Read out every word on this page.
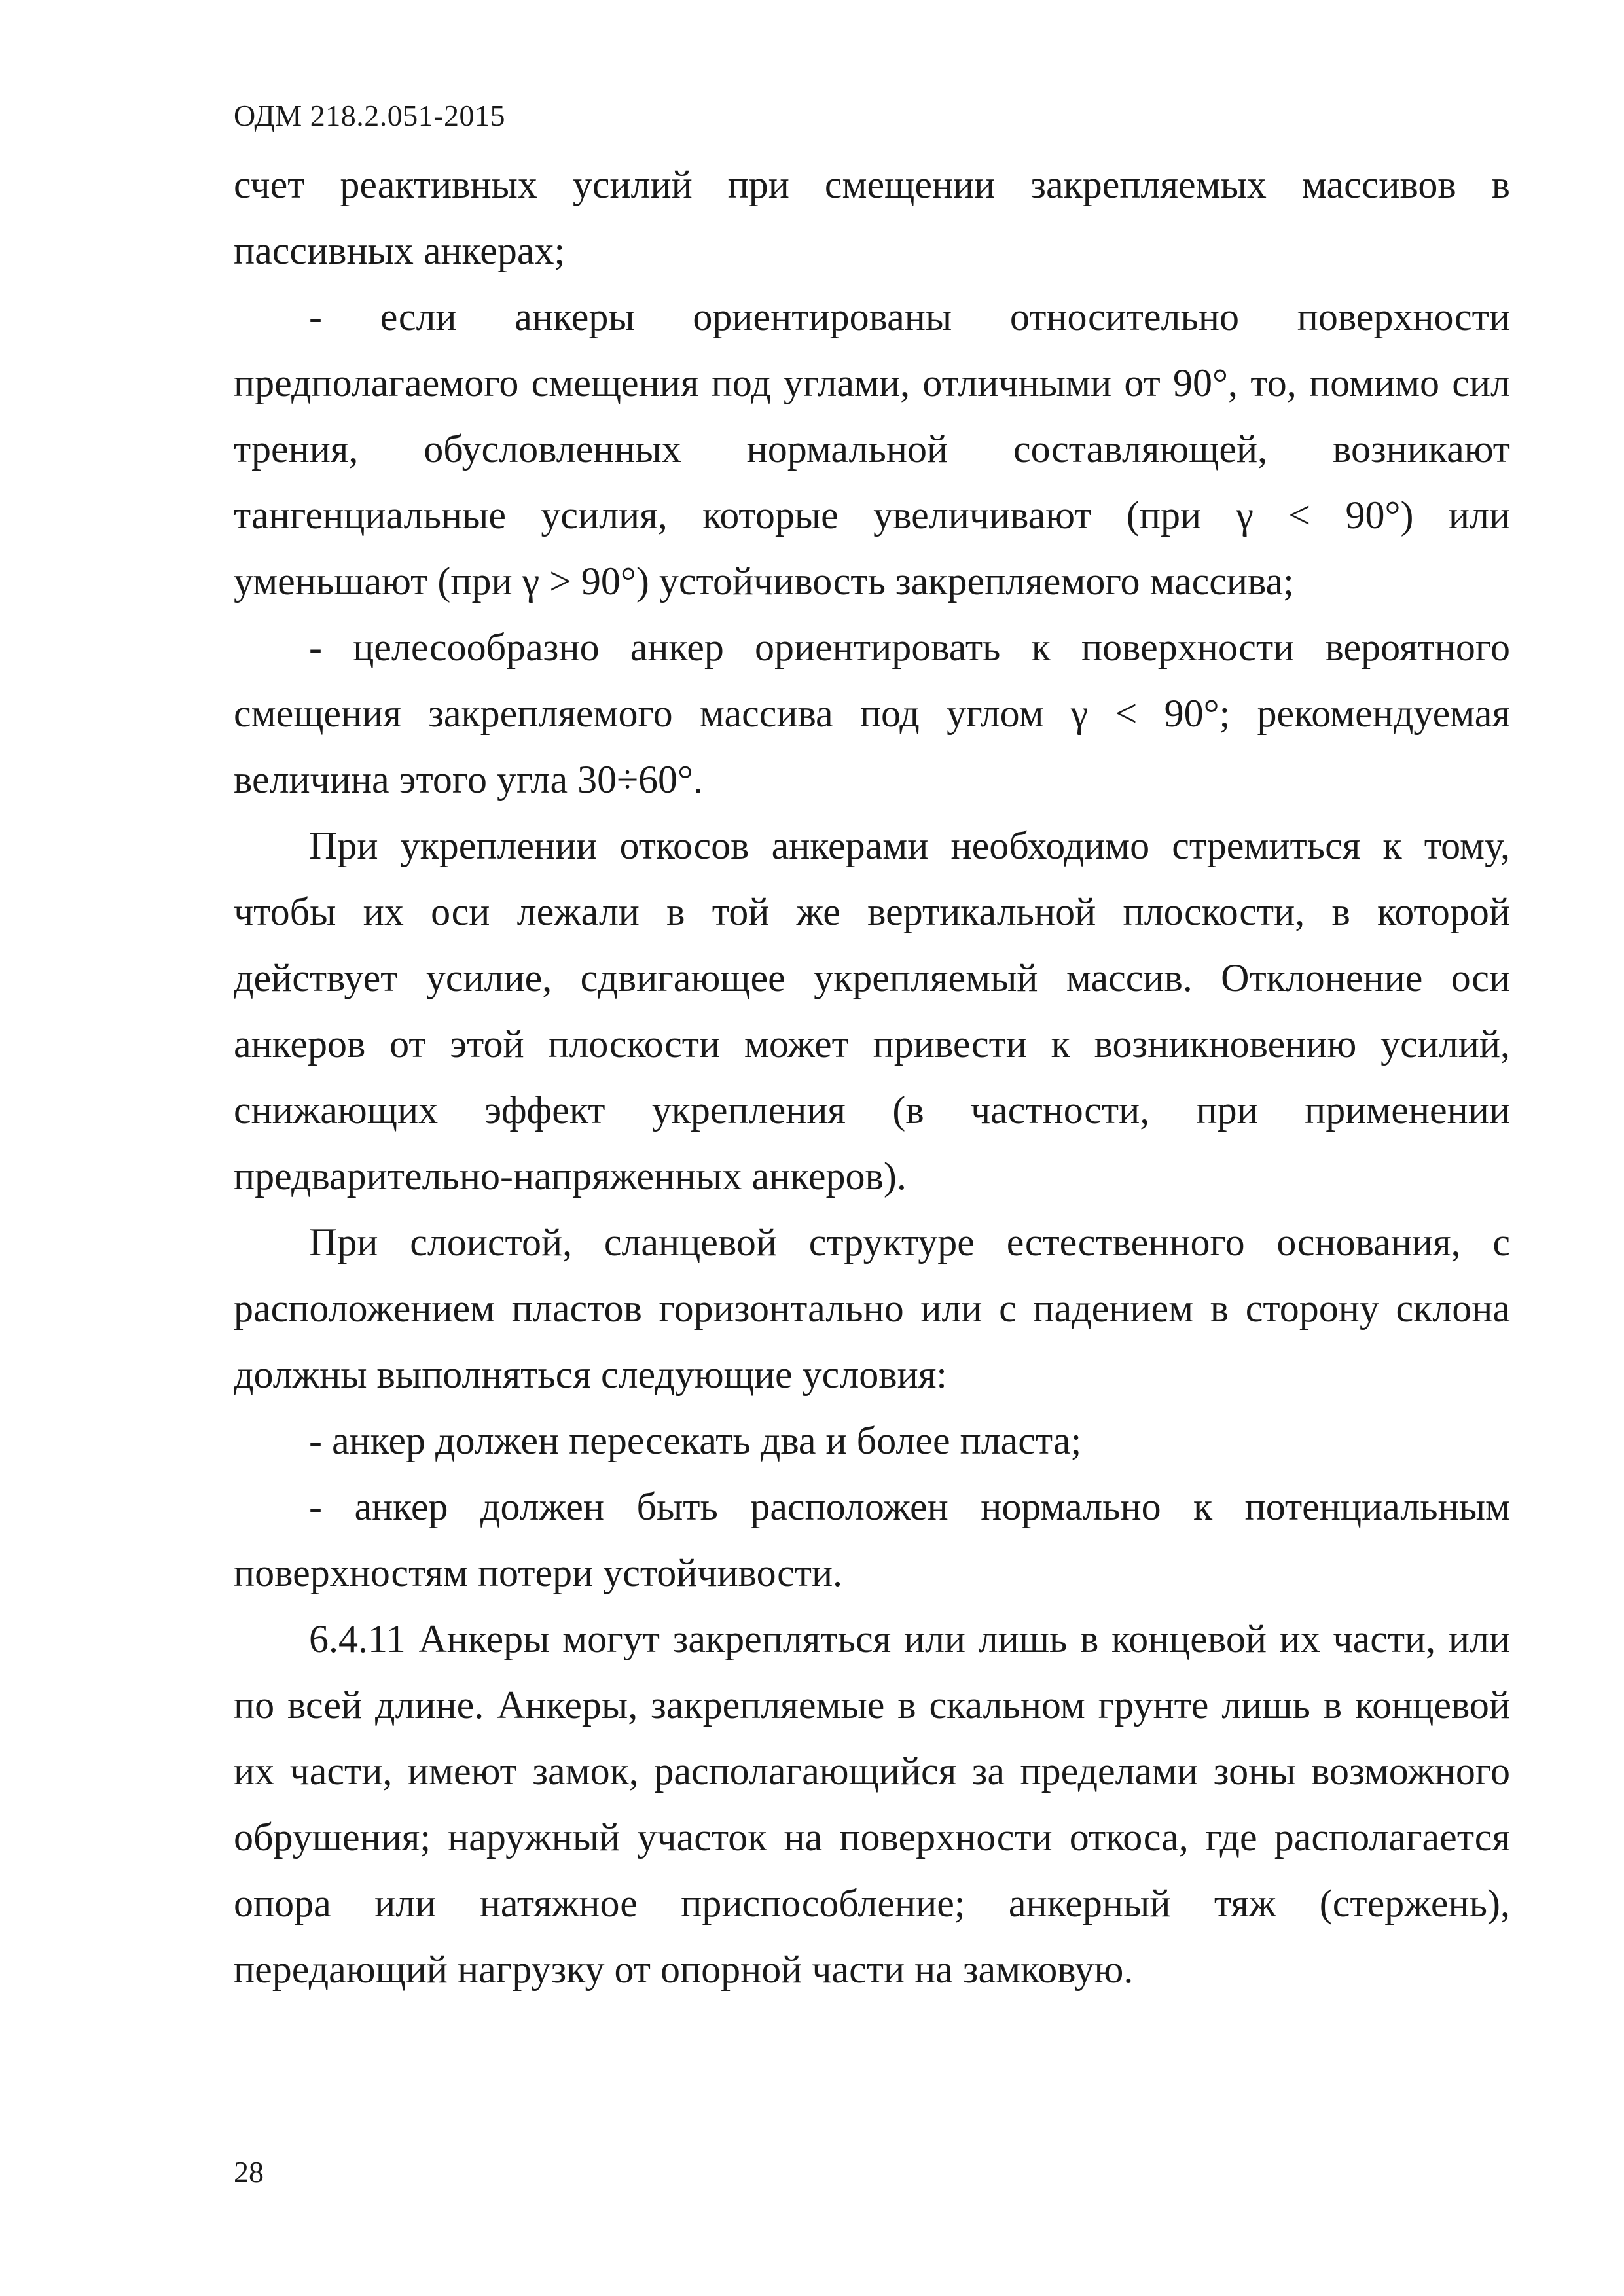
ОДМ 218.2.051-2015

счет реактивных усилий при смещении закрепляемых массивов в пассивных анкерах;

- если анкеры ориентированы относительно поверхности предполагаемого смещения под углами, отличными от 90°, то, помимо сил трения, обусловленных нормальной составляющей, возникают тангенциальные усилия, которые увеличивают (при γ < 90°) или уменьшают (при γ > 90°) устойчивость закрепляемого массива;

- целесообразно анкер ориентировать к поверхности вероятного смещения закрепляемого массива под углом γ < 90°; рекомендуемая величина этого угла 30÷60°.

При укреплении откосов анкерами необходимо стремиться к тому, чтобы их оси лежали в той же вертикальной плоскости, в которой действует усилие, сдвигающее укрепляемый массив. Отклонение оси анкеров от этой плоскости может привести к возникновению усилий, снижающих эффект укрепления (в частности, при применении предварительно-напряженных анкеров).

При слоистой, сланцевой структуре естественного основания, с расположением пластов горизонтально или с падением в сторону склона должны выполняться следующие условия:

- анкер должен пересекать два и более пласта;

- анкер должен быть расположен нормально к потенциальным поверхностям потери устойчивости.

6.4.11 Анкеры могут закрепляться или лишь в концевой их части, или по всей длине. Анкеры, закрепляемые в скальном грунте лишь в концевой их части, имеют замок, располагающийся за пределами зоны возможного обрушения; наружный участок на поверхности откоса, где располагается опора или натяжное приспособление; анкерный тяж (стержень), передающий нагрузку от опорной части на замковую.

28
